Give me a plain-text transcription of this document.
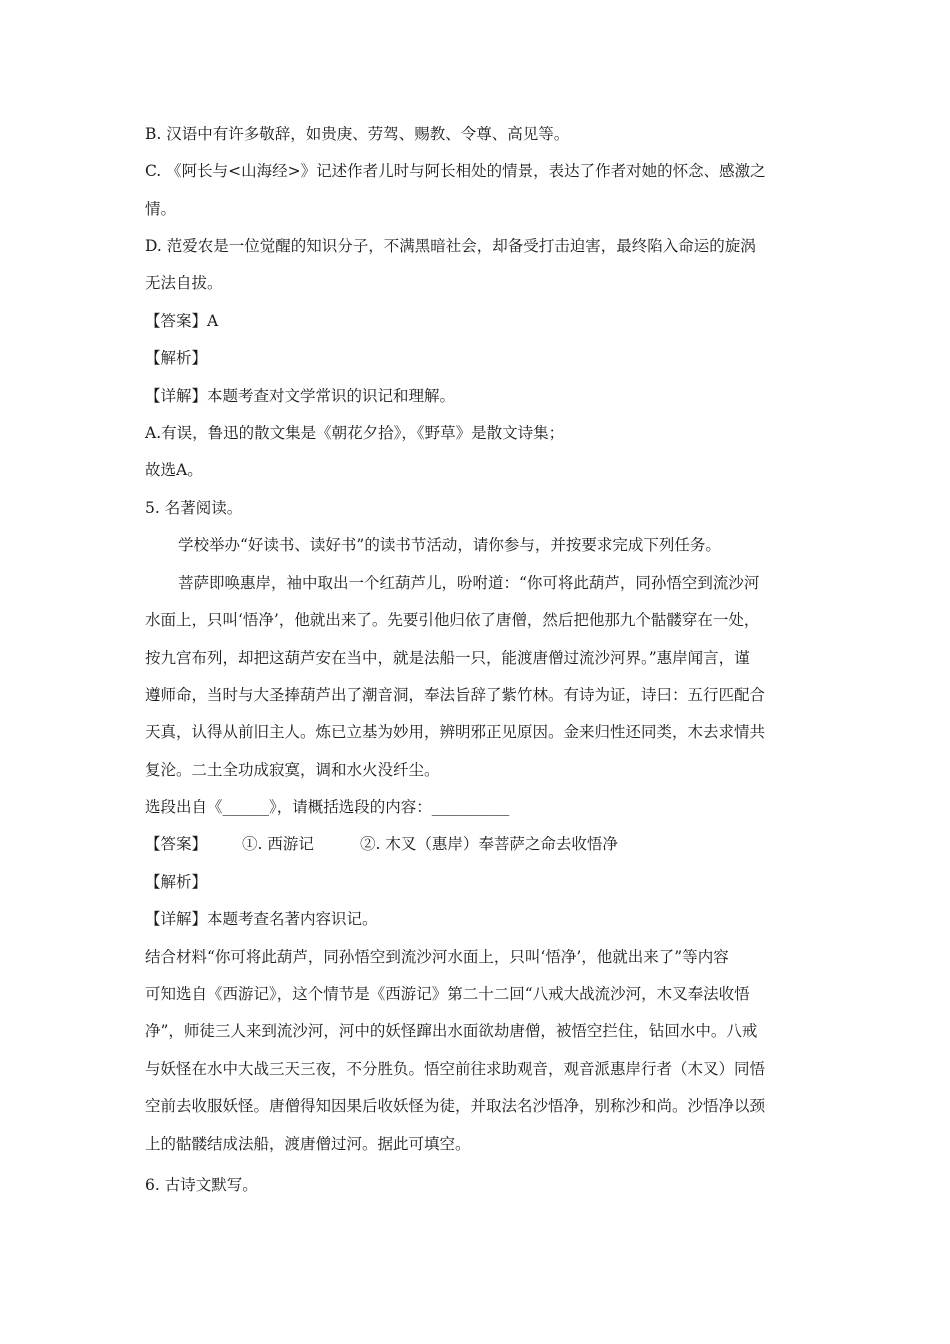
B. 汉语中有许多敬辞，如贵庚、劳驾、赐教、令尊、高见等。
C. 《阿长与<山海经>》记述作者儿时与阿长相处的情景，表达了作者对她的怀念、感激之
情。
D. 范爱农是一位觉醒的知识分子，不满黑暗社会，却备受打击迫害，最终陷入命运的旋涡
无法自拔。
【答案】A
【解析】
【详解】本题考查对文学常识的识记和理解。
A.有误，鲁迅的散文集是《朝花夕拾》，《野草》是散文诗集；
故选A。
5. 名著阅读。
学校举办“好读书、读好书”的读书节活动，请你参与，并按要求完成下列任务。
菩萨即唤惠岸，袖中取出一个红葫芦儿，吩咐道：“你可将此葫芦，同孙悟空到流沙河
水面上，只叫‘悟净’，他就出来了。先要引他归依了唐僧，然后把他那九个骷髅穿在一处，
按九宫布列，却把这葫芦安在当中，就是法船一只，能渡唐僧过流沙河界。”惠岸闻言，谨
遵师命，当时与大圣捧葫芦出了潮音洞，奉法旨辞了紫竹林。有诗为证，诗曰：五行匹配合
天真，认得从前旧主人。炼已立基为妙用，辨明邪正见原因。金来归性还同类，木去求情共
复沦。二土全功成寂寞，调和水火没纤尘。
选段出自《______》，请概括选段的内容：__________
【答案】 ①. 西游记	②. 木叉（惠岸）奉菩萨之命去收悟净
【解析】
【详解】本题考查名著内容识记。
结合材料“你可将此葫芦，同孙悟空到流沙河水面上，只叫‘悟净’，他就出来了”等内容
可知选自《西游记》，这个情节是《西游记》第二十二回“八戒大战流沙河，木叉奉法收悟
净”，师徒三人来到流沙河，河中的妖怪蹿出水面欲劫唐僧，被悟空拦住，钻回水中。八戒
与妖怪在水中大战三天三夜，不分胜负。悟空前往求助观音，观音派惠岸行者（木叉）同悟
空前去收服妖怪。唐僧得知因果后收妖怪为徒，并取法名沙悟净，别称沙和尚。沙悟净以颈
上的骷髅结成法船，渡唐僧过河。据此可填空。
6. 古诗文默写。
